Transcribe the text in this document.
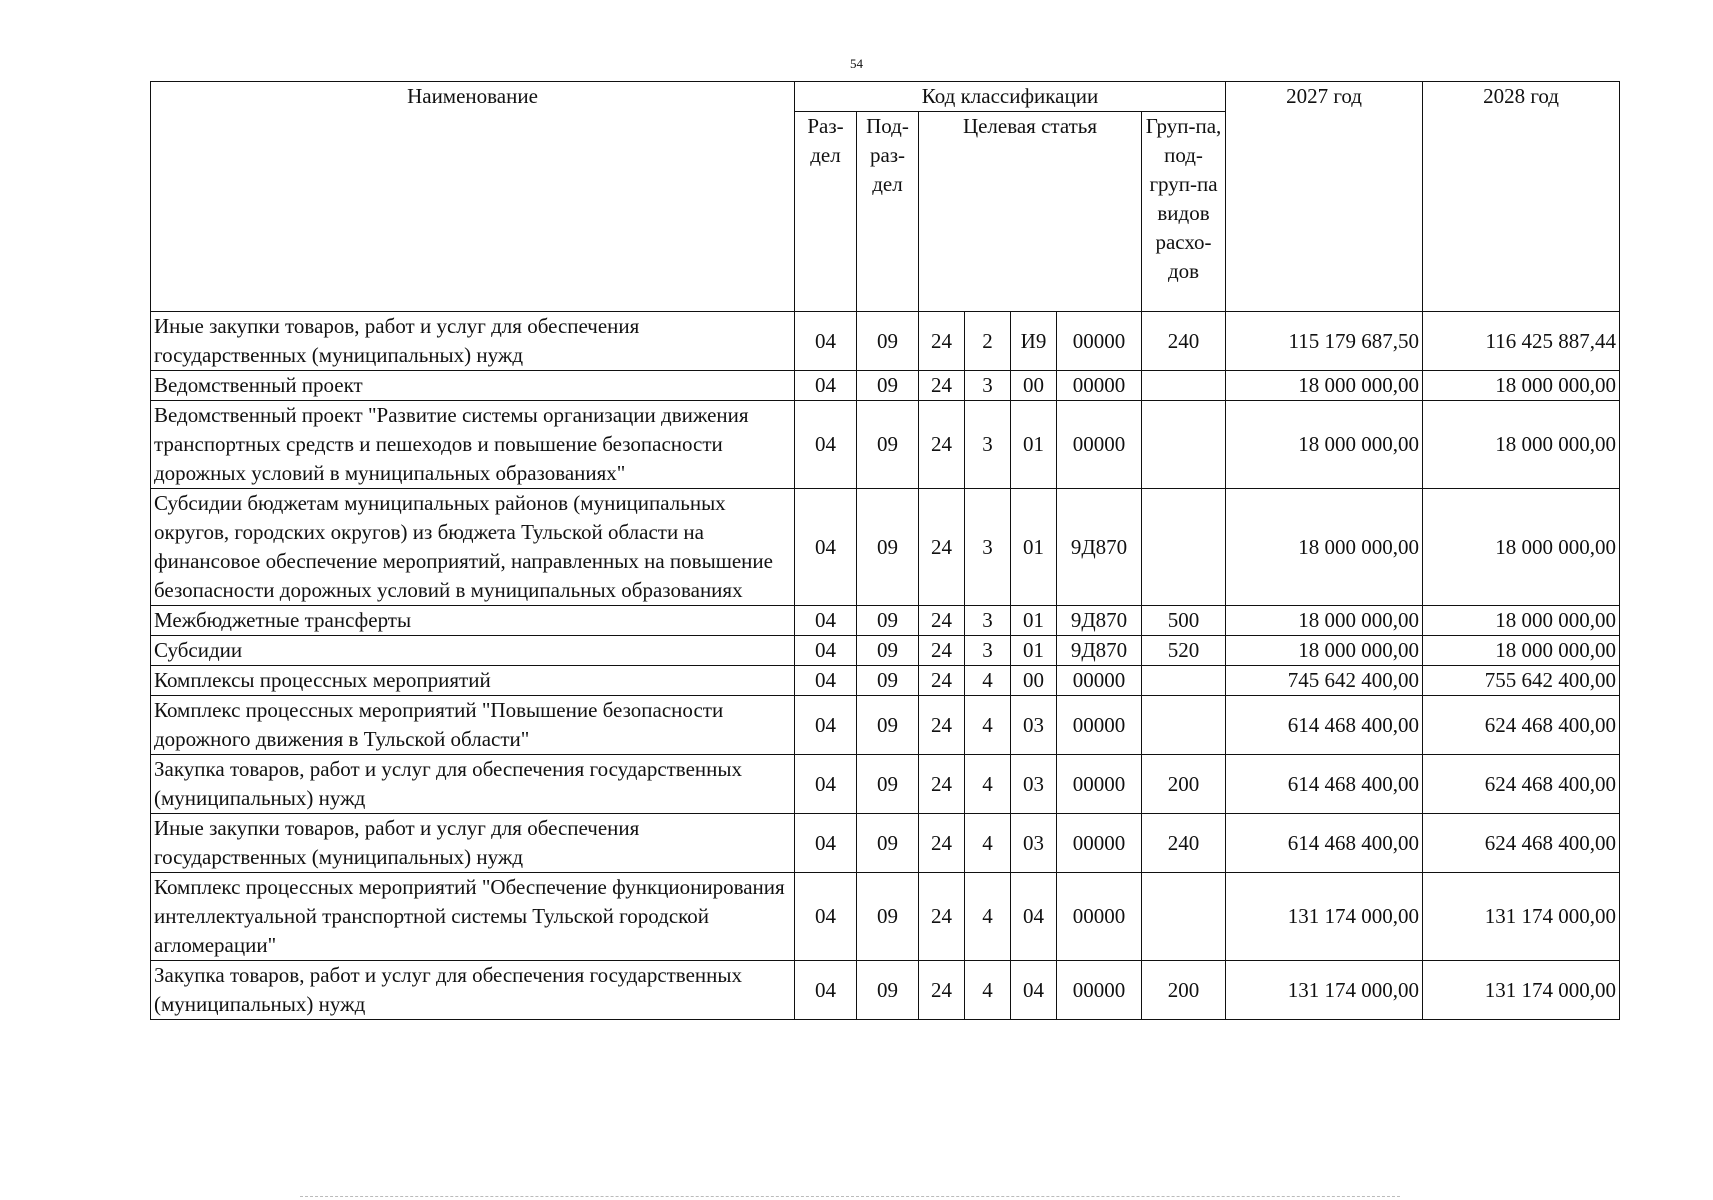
54
Наименование	Код классификации							2027 год	2028 год
	Раз-дел	Под-раз-дел	Целевая статья				Груп-па, под-груп-па видов расхо-дов		
Иные закупки товаров, работ и услуг для обеспечения государственных (муниципальных) нужд	04	09	24	2	И9	00000	240	115 179 687,50	116 425 887,44
Ведомственный проект	04	09	24	3	00	00000		18 000 000,00	18 000 000,00
Ведомственный проект "Развитие системы организации движения транспортных средств и пешеходов и повышение безопасности дорожных условий в муниципальных образованиях"	04	09	24	3	01	00000		18 000 000,00	18 000 000,00
Субсидии бюджетам муниципальных районов (муниципальных округов, городских округов) из бюджета Тульской области на финансовое обеспечение мероприятий, направленных на повышение безопасности дорожных условий в муниципальных образованиях	04	09	24	3	01	9Д870		18 000 000,00	18 000 000,00
Межбюджетные трансферты	04	09	24	3	01	9Д870	500	18 000 000,00	18 000 000,00
Субсидии	04	09	24	3	01	9Д870	520	18 000 000,00	18 000 000,00
Комплексы процессных мероприятий	04	09	24	4	00	00000		745 642 400,00	755 642 400,00
Комплекс процессных мероприятий "Повышение безопасности дорожного движения в Тульской области"	04	09	24	4	03	00000		614 468 400,00	624 468 400,00
Закупка товаров, работ и услуг для обеспечения государственных (муниципальных) нужд	04	09	24	4	03	00000	200	614 468 400,00	624 468 400,00
Иные закупки товаров, работ и услуг для обеспечения государственных (муниципальных) нужд	04	09	24	4	03	00000	240	614 468 400,00	624 468 400,00
Комплекс процессных мероприятий "Обеспечение функционирования интеллектуальной транспортной системы Тульской городской агломерации"	04	09	24	4	04	00000		131 174 000,00	131 174 000,00
Закупка товаров, работ и услуг для обеспечения государственных (муниципальных) нужд	04	09	24	4	04	00000	200	131 174 000,00	131 174 000,00
